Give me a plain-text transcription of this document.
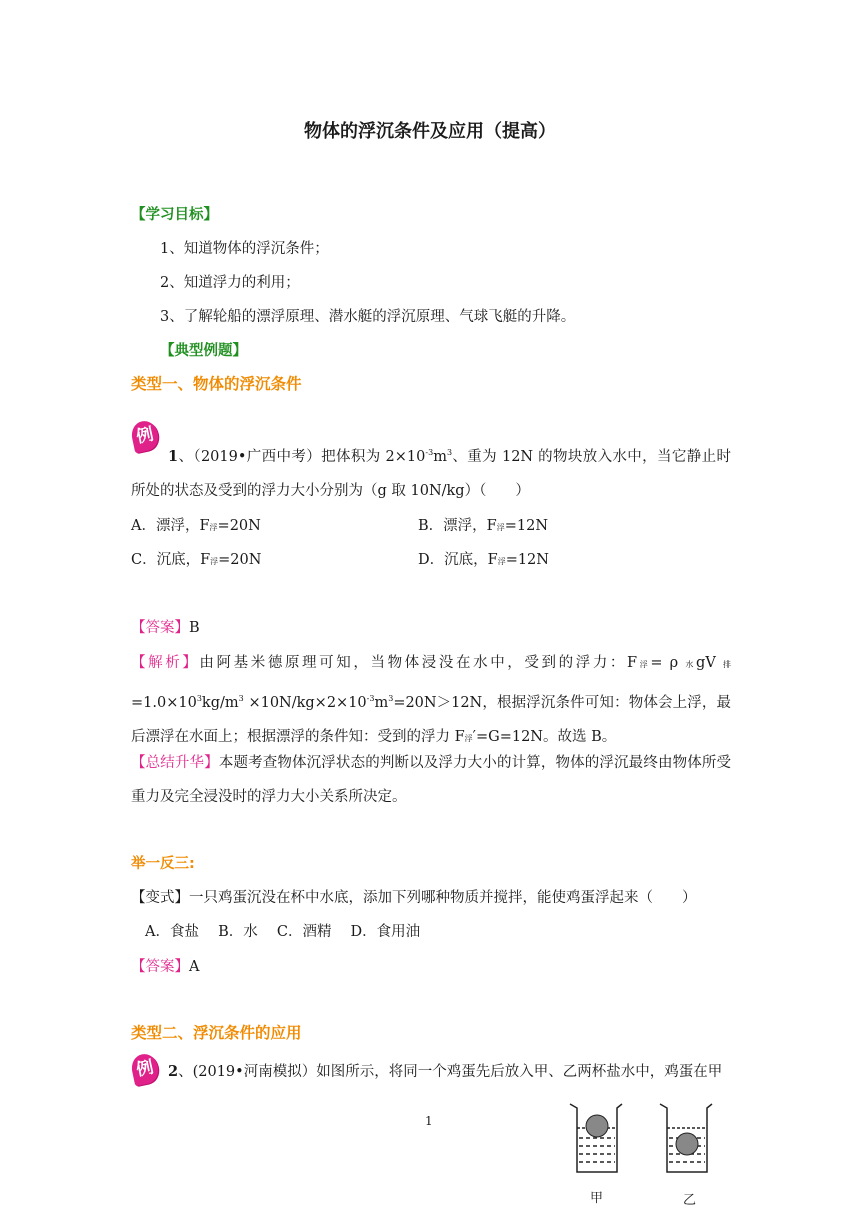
物体的浮沉条件及应用（提高）
【学习目标】
1、知道物体的浮沉条件；
2、知道浮力的利用；
3、了解轮船的漂浮原理、潜水艇的浮沉原理、气球飞艇的升降。
【典型例题】
类型一、物体的浮沉条件
例
1、（2019•广西中考）把体积为 $2\times 10^{-3}m^3$、重为 12N 的物块放入水中，当它静止时所处的状态及受到的浮力大小分别为（g 取 10N/kg）（　　）
A．漂浮，F浮=20N	B．漂浮，F浮=12N
C．沉底，F浮=20N	D．沉底，F浮=12N
【答案】B
【解析】由阿基米德原理可知，当物体浸没在水中，受到的浮力：F浮= ρ 水gV 排$=1.0\times 10^3kg/m^3 \times 10N/kg\times 2\times 10^{-3}m^3=20N>12N$，根据浮沉条件可知：物体会上浮，最后漂浮在水面上；根据漂浮的条件知：受到的浮力 F浮′=G=12N。故选 B。
【总结升华】本题考查物体沉浮状态的判断以及浮力大小的计算，物体的浮沉最终由物体所受重力及完全浸没时的浮力大小关系所决定。
举一反三:
【变式】一只鸡蛋沉没在杯中水底，添加下列哪种物质并搅拌，能使鸡蛋浮起来（　　）
A．食盐　 B．水　 C．酒精　 D．食用油
【答案】A
类型二、浮沉条件的应用
例 2、(2019•河南模拟）如图所示，将同一个鸡蛋先后放入甲、乙两杯盐水中，鸡蛋在甲
1
甲	乙
